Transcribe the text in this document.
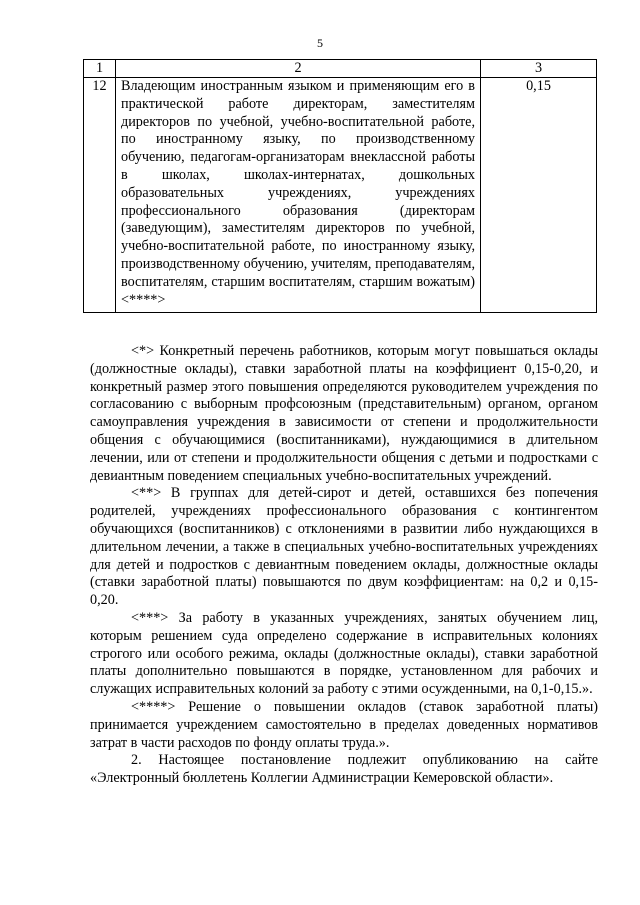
5
1	2	3
12	Владеющим иностранным языком и применяющим его в практической работе директорам, заместителям директоров по учебной, учебно-воспитательной работе, по иностранному языку, по производственному обучению, педагогам-организаторам внеклассной работы в школах, школах-интернатах, дошкольных образовательных учреждениях, учреждениях профессионального образования (директорам (заведующим), заместителям директоров по учебной, учебно-воспитательной работе, по иностранному языку, производственному обучению, учителям, преподавателям, воспитателям, старшим воспитателям, старшим вожатым) <****>	0,15

<*> Конкретный перечень работников, которым могут повышаться оклады (должностные оклады), ставки заработной платы на коэффициент 0,15-0,20, и конкретный размер этого повышения определяются руководителем учреждения по согласованию с выборным профсоюзным (представительным) органом, органом самоуправления учреждения в зависимости от степени и продолжительности общения с обучающимися (воспитанниками), нуждающимися в длительном лечении, или от степени и продолжительности общения с детьми и подростками с девиантным поведением специальных учебно-воспитательных учреждений.

<**> В группах для детей-сирот и детей, оставшихся без попечения родителей, учреждениях профессионального образования с контингентом обучающихся (воспитанников) с отклонениями в развитии либо нуждающихся в длительном лечении, а также в специальных учебно-воспитательных учреждениях для детей и подростков с девиантным поведением оклады, должностные оклады (ставки заработной платы) повышаются по двум коэффициентам: на 0,2 и 0,15-0,20.

<***> За работу в указанных учреждениях, занятых обучением лиц, которым решением суда определено содержание в исправительных колониях строгого или особого режима, оклады (должностные оклады), ставки заработной платы дополнительно повышаются в порядке, установленном для рабочих и служащих исправительных колоний за работу с этими осужденными, на 0,1-0,15.».

<****> Решение о повышении окладов (ставок заработной платы) принимается учреждением самостоятельно в пределах доведенных нормативов затрат в части расходов по фонду оплаты труда.».

2. Настоящее постановление подлежит опубликованию на сайте «Электронный бюллетень Коллегии Администрации Кемеровской области».
